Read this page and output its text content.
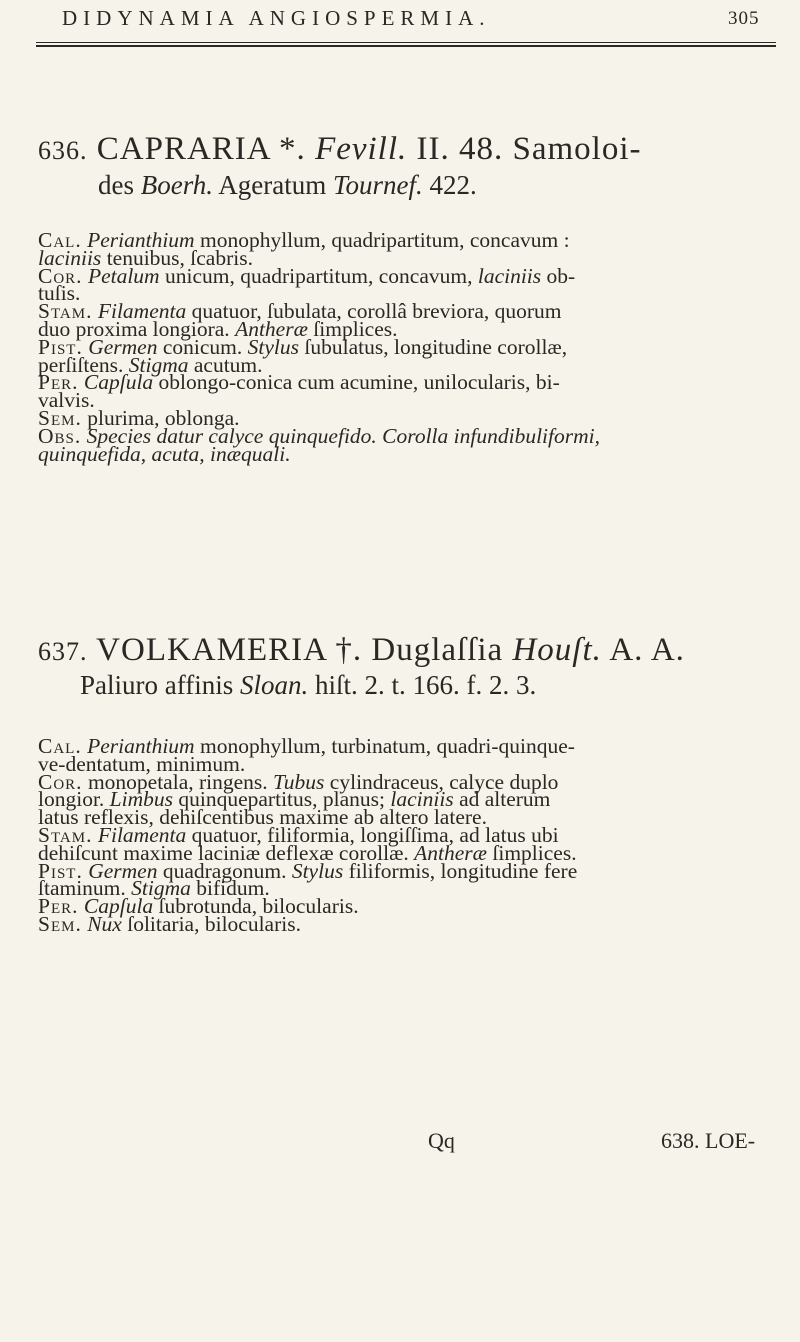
DIDYNAMIA ANGIOSPERMIA.	305
636. CAPRARIA *. Fevill. II. 48. Samoloi-
des Boerh. Ageratum Tournef. 422.
Cal. Perianthium monophyllum, quadripartitum, concavum :
laciniis tenuibus, ſcabris.
Cor. Petalum unicum, quadripartitum, concavum, laciniis ob-
tuſis.
Stam. Filamenta quatuor, ſubulata, corollâ breviora, quorum
duo proxima longiora. Antheræ ſimplices.
Pist. Germen conicum. Stylus ſubulatus, longitudine corollæ,
perſiſtens. Stigma acutum.
Per. Capſula oblongo-conica cum acumine, unilocularis, bi-
valvis.
Sem. plurima, oblonga.
Obs. Species datur calyce quinquefido. Corolla infundibuliformi,
quinquefida, acuta, inæquali.
637. VOLKAMERIA †. Duglaſſia Houſt. A. A.
Paliuro affinis Sloan. hiſt. 2. t. 166. f. 2. 3.
Cal. Perianthium monophyllum, turbinatum, quadri-quinque-
ve-dentatum, minimum.
Cor. monopetala, ringens. Tubus cylindraceus, calyce duplo
longior. Limbus quinquepartitus, planus; laciniis ad alterum
latus reflexis, dehiſcentibus maxime ab altero latere.
Stam. Filamenta quatuor, filiformia, longiſſima, ad latus ubi
dehiſcunt maxime laciniæ deflexæ corollæ. Antheræ ſimplices.
Pist. Germen quadragonum. Stylus filiformis, longitudine fere
ſtaminum. Stigma bifidum.
Per. Capſula ſubrotunda, bilocularis.
Sem. Nux ſolitaria, bilocularis.
Qq	638. LOE-
